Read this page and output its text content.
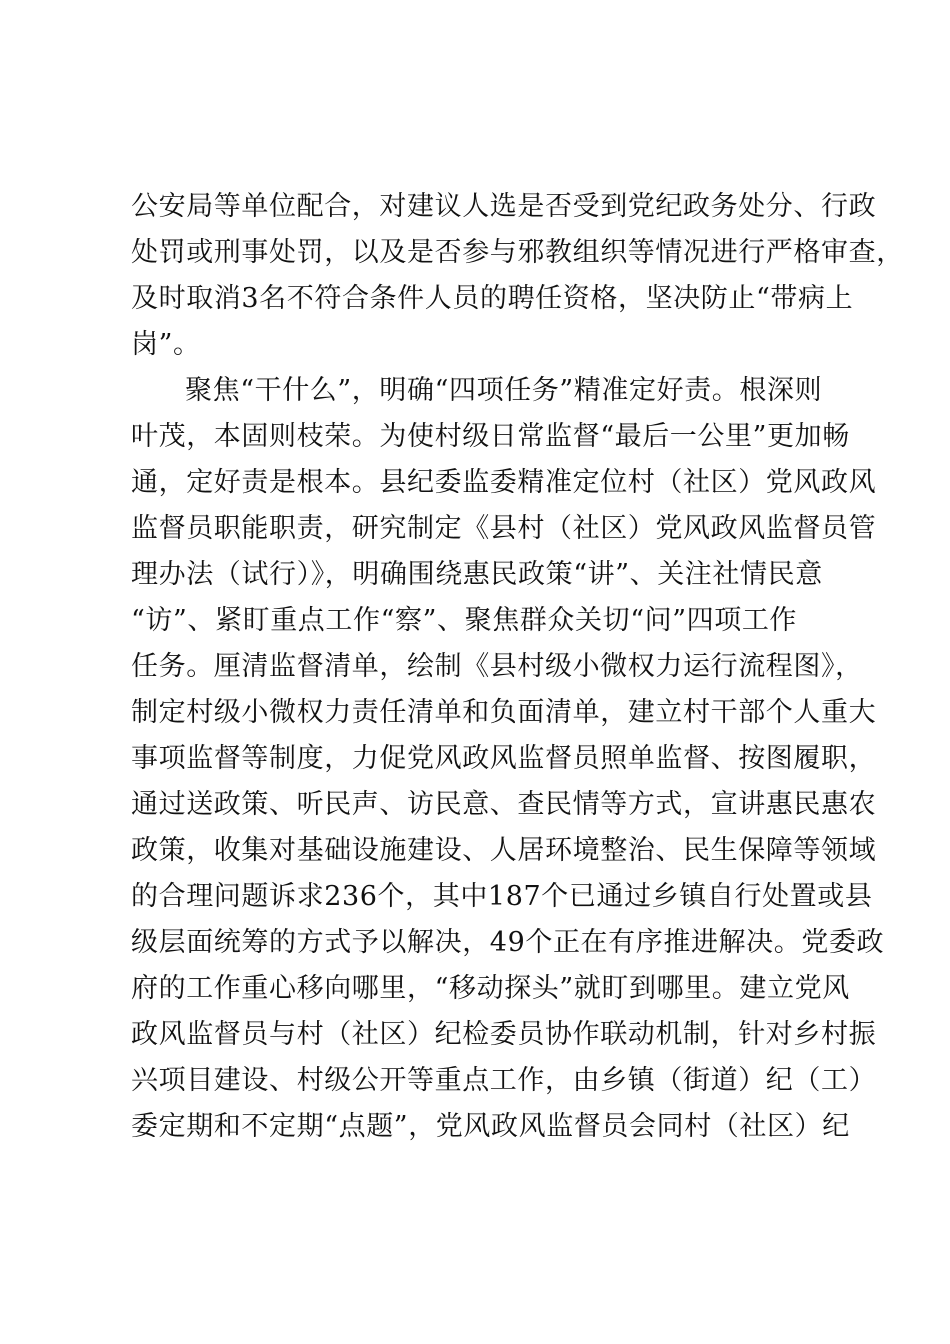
公安局等单位配合，对建议人选是否受到党纪政务处分、行政
处罚或刑事处罚，以及是否参与邪教组织等情况进行严格审查，
及时取消3名不符合条件人员的聘任资格，坚决防止“带病上
岗”。
聚焦“干什么”，明确“四项任务”精准定好责。根深则
叶茂，本固则枝荣。为使村级日常监督“最后一公里”更加畅
通，定好责是根本。县纪委监委精准定位村（社区）党风政风
监督员职能职责，研究制定《县村（社区）党风政风监督员管
理办法（试行）》，明确围绕惠民政策“讲”、关注社情民意
“访”、紧盯重点工作“察”、聚焦群众关切“问”四项工作
任务。厘清监督清单，绘制《县村级小微权力运行流程图》，
制定村级小微权力责任清单和负面清单，建立村干部个人重大
事项监督等制度，力促党风政风监督员照单监督、按图履职，
通过送政策、听民声、访民意、查民情等方式，宣讲惠民惠农
政策，收集对基础设施建设、人居环境整治、民生保障等领域
的合理问题诉求236个，其中187个已通过乡镇自行处置或县
级层面统筹的方式予以解决，49个正在有序推进解决。党委政
府的工作重心移向哪里，“移动探头”就盯到哪里。建立党风
政风监督员与村（社区）纪检委员协作联动机制，针对乡村振
兴项目建设、村级公开等重点工作，由乡镇（街道）纪（工）
委定期和不定期“点题”，党风政风监督员会同村（社区）纪
